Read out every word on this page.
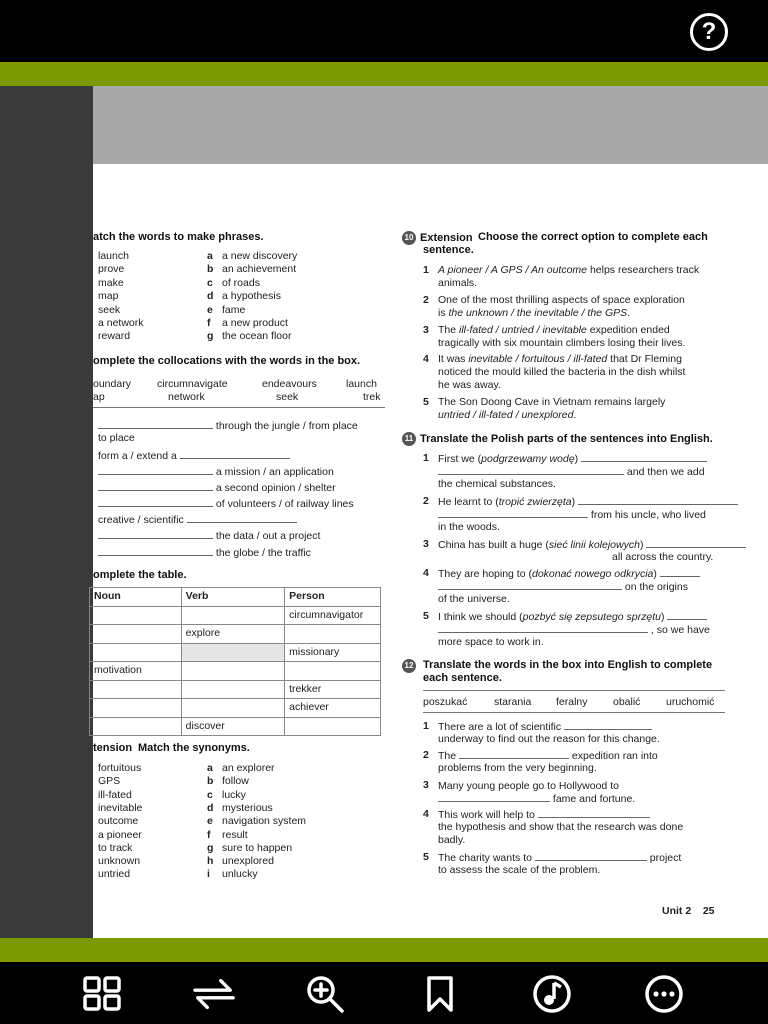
?
atch the words to make phrases.
launch	a a new discovery
prove	b an achievement
make	c of roads
map	d a hypothesis
seek	e fame
a network	f a new product
reward	g the ocean floor
omplete the collocations with the words in the box.
oundary circumnavigate	endeavours	launch
ap	network	seek	trek
through the jungle / from place
to place
form a / extend a
a mission / an application
a second opinion / shelter
of volunteers / of railway lines
creative / scientific
the data / out a project
the globe / the traffic
omplete the table.
Noun	Verb	Person
		circumnavigator
	explore	
		missionary
motivation		
		trekker
		achiever
	discover	
tension Match the synonyms.
fortuitous	a an explorer
GPS	b follow
ill-fated	c lucky
inevitable	d mysterious
outcome	e navigation system
a pioneer	f result
to track	g sure to happen
unknown	h unexplored
untried	i unlucky
10 Extension Choose the correct option to complete each
sentence.
1 A pioneer / A GPS / An outcome helps researchers track
animals.
2 One of the most thrilling aspects of space exploration
is the unknown / the inevitable / the GPS.
3 The ill-fated / untried / inevitable expedition ended
tragically with six mountain climbers losing their lives.
4 It was inevitable / fortuitous / ill-fated that Dr Fleming
noticed the mould killed the bacteria in the dish whilst
he was away.
5 The Son Doong Cave in Vietnam remains largely
untried / ill-fated / unexplored.
11 Translate the Polish parts of the sentences into English.
1 First we (podgrzewamy wodę)
and then we add
the chemical substances.
2 He learnt to (tropić zwierzęta)
from his uncle, who lived
in the woods.
3 China has built a huge (sieć linii kolejowych)
all across the country.
4 They are hoping to (dokonać nowego odkrycia)
on the origins
of the universe.
5 I think we should (pozbyć się zepsutego sprzętu)
, so we have
more space to work in.
12 Translate the words in the box into English to complete
each sentence.
poszukać	starania feralny obalić uruchomić
1 There are a lot of scientific
underway to find out the reason for this change.
2 The	expedition ran into
problems from the very beginning.
3 Many young people go to Hollywood to
fame and fortune.
4 This work will help to
the hypothesis and show that the research was done
badly.
5 The charity wants to	project
to assess the scale of the problem.
Unit 2 25
